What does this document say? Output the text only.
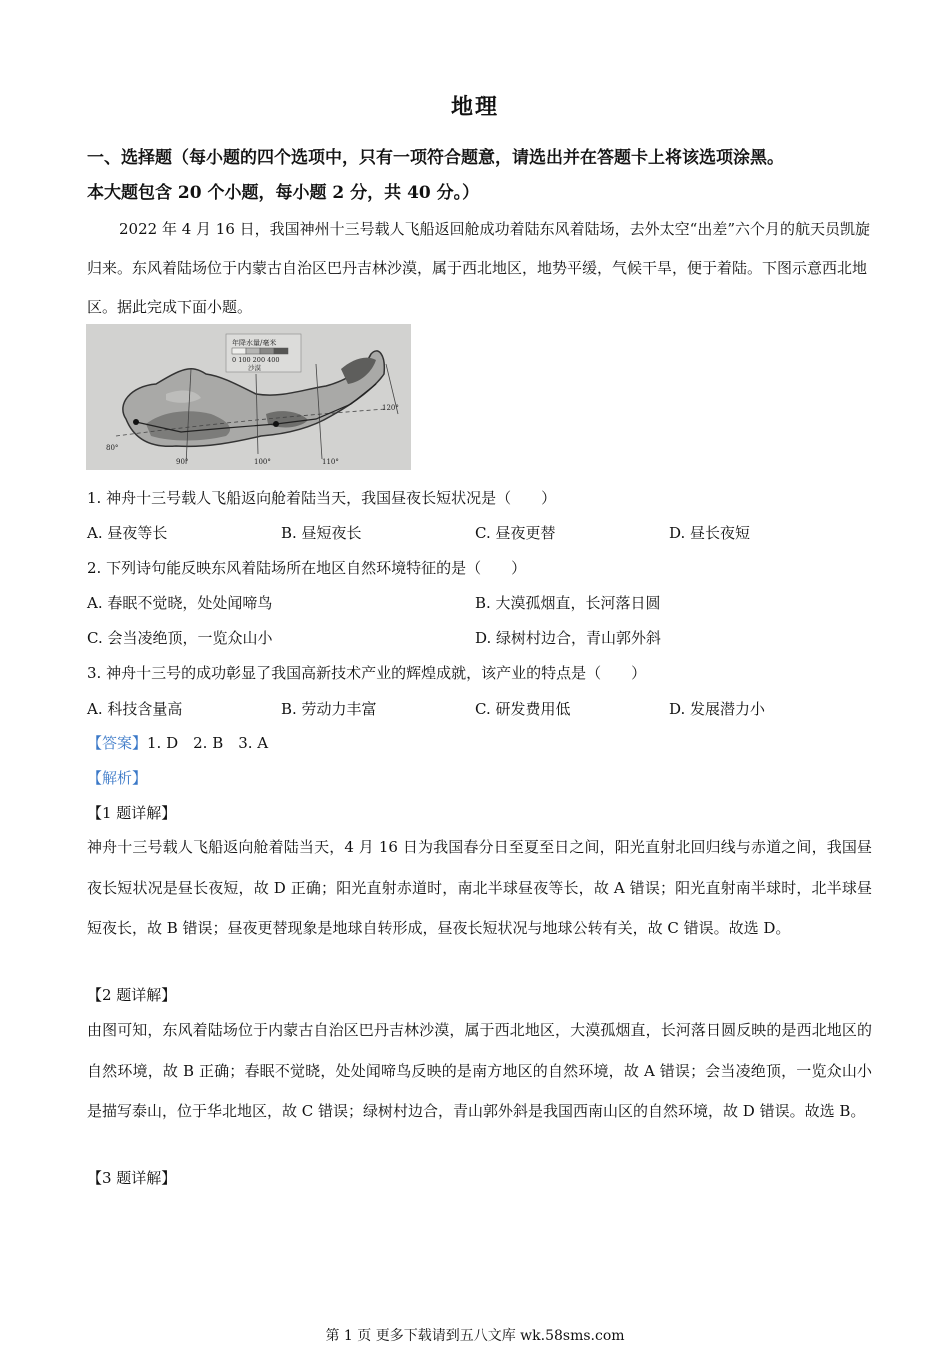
地理
一、选择题（每小题的四个选项中，只有一项符合题意，请选出并在答题卡上将该选项涂黑。
本大题包含 20 个小题，每小题 2 分，共 40 分。）

2022 年 4 月 16 日，我国神州十三号载人飞船返回舱成功着陆东风着陆场，去外太空“出差”六个月的航天员凯旋归来。东风着陆场位于内蒙古自治区巴丹吉林沙漠，属于西北地区，地势平缓，气候干旱，便于着陆。下图示意西北地区。据此完成下面小题。

年降水量/毫米
0 100 200 400
沙漠
120°
110°
100°
90°
80°
1. 神舟十三号载人飞船返向舱着陆当天，我国昼夜长短状况是（　　）
A. 昼夜等长	B. 昼短夜长	C. 昼夜更替	D. 昼长夜短
2. 下列诗句能反映东风着陆场所在地区自然环境特征的是（　　）
A. 春眠不觉晓，处处闻啼鸟	B. 大漠孤烟直，长河落日圆
C. 会当凌绝顶，一览众山小	D. 绿树村边合，青山郭外斜
3. 神舟十三号的成功彰显了我国高新技术产业的辉煌成就，该产业的特点是（　　）
A. 科技含量高	B. 劳动力丰富	C. 研发费用低	D. 发展潜力小
【答案】1. D　2. B　3. A
【解析】
【1 题详解】

神舟十三号载人飞船返向舱着陆当天，4 月 16 日为我国春分日至夏至日之间，阳光直射北回归线与赤道之间，我国昼夜长短状况是昼长夜短，故 D 正确；阳光直射赤道时，南北半球昼夜等长，故 A 错误；阳光直射南半球时，北半球昼短夜长，故 B 错误；昼夜更替现象是地球自转形成，昼夜长短状况与地球公转有关，故 C 错误。故选 D。

【2 题详解】

由图可知，东风着陆场位于内蒙古自治区巴丹吉林沙漠，属于西北地区，大漠孤烟直，长河落日圆反映的是西北地区的自然环境，故 B 正确；春眠不觉晓，处处闻啼鸟反映的是南方地区的自然环境，故 A 错误；会当凌绝顶，一览众山小是描写泰山，位于华北地区，故 C 错误；绿树村边合，青山郭外斜是我国西南山区的自然环境，故 D 错误。故选 B。

【3 题详解】
第 1 页 更多下载请到五八文库 wk.58sms.com
